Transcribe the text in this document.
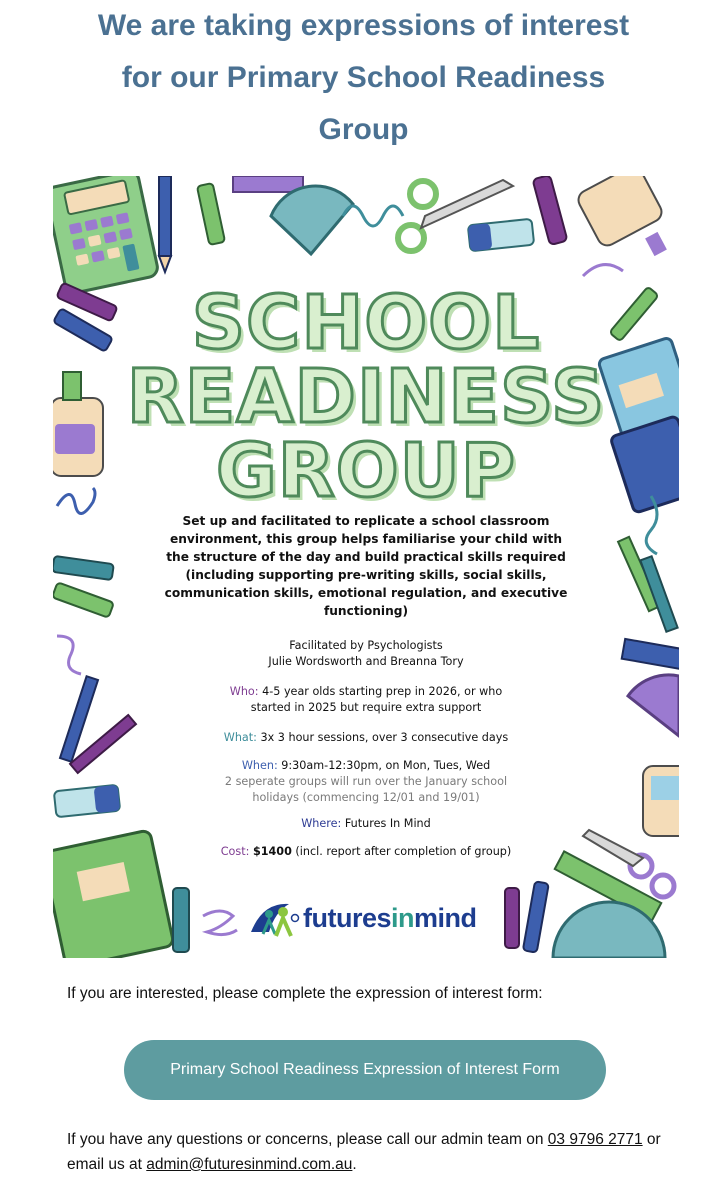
We are taking expressions of interest
for our Primary School Readiness
Group
SCHOOL
READINESS
GROUP
Set up and facilitated to replicate a school classroom environment, this group helps familiarise your child with the structure of the day and build practical skills required (including supporting pre-writing skills, social skills, communication skills, emotional regulation, and executive functioning)
Facilitated by Psychologists
Julie Wordsworth and Breanna Tory
Who: 4-5 year olds starting prep in 2026, or who
started in 2025 but require extra support
What: 3x 3 hour sessions, over 3 consecutive days
When: 9:30am-12:30pm, on Mon, Tues, Wed
2 seperate groups will run over the January school
holidays (commencing 12/01 and 19/01)
Where: Futures In Mind
Cost: $1400 (incl. report after completion of group)
futuresinmind
If you are interested, please complete the expression of interest form:
Primary School Readiness Expression of Interest Form
If you have any questions or concerns, please call our admin team on 03 9796 2771 or email us at admin@futuresinmind.com.au.
